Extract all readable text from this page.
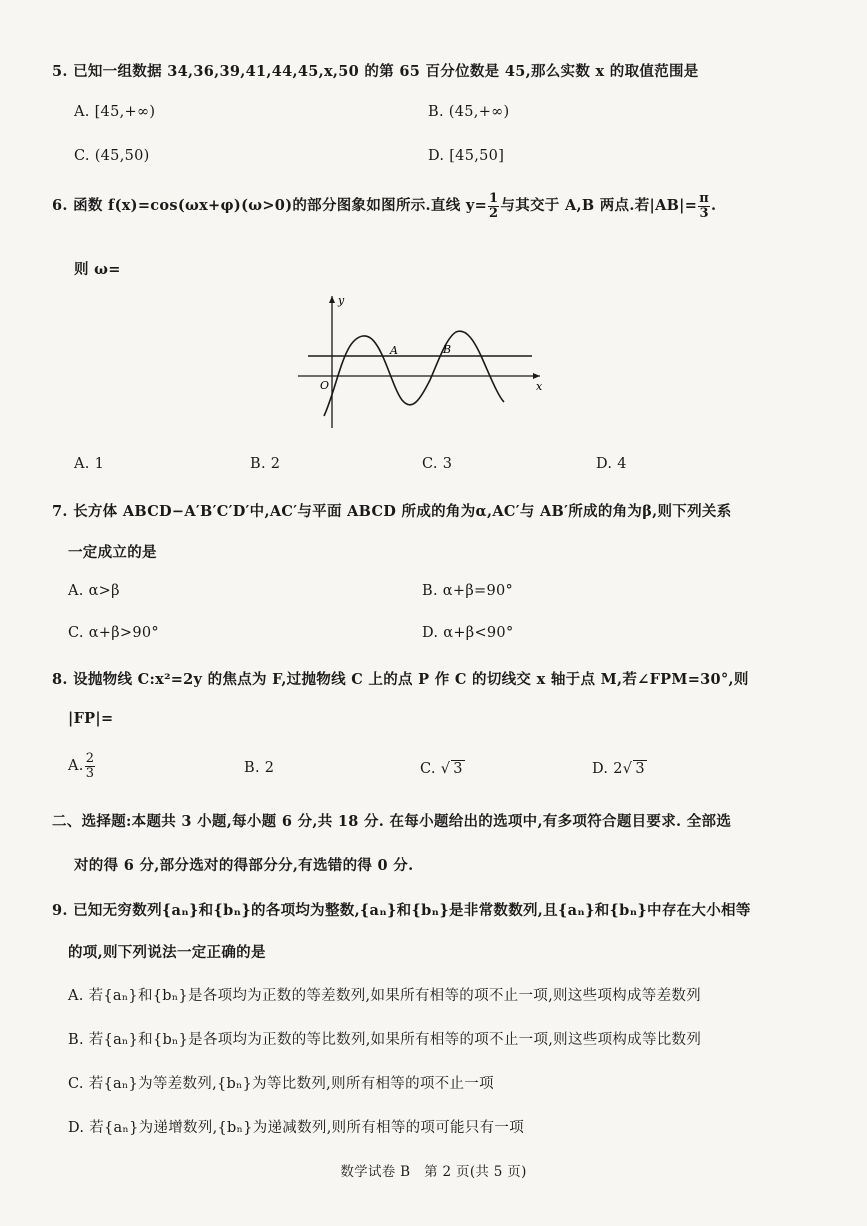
5. 已知一组数据 34,36,39,41,44,45,x,50 的第 65 百分位数是 45,那么实数 x 的取值范围是
A. [45,+∞)	B. (45,+∞)
C. (45,50)	D. [45,50]
6. 函数 f(x)=cos(ωx+φ)(ω>0)的部分图象如图所示.直线 $y= \frac{1}{2}$ 与其交于 A,B 两点.若$|AB|= \frac{\pi}{3}$ .
则 ω=
y
x
O
A	B
A. 1	B. 2	C. 3	D. 4
7. 长方体 ABCD−A′B′C′D′中,AC′与平面 ABCD 所成的角为α,AC′与 AB′所成的角为β,则下列关系
一定成立的是
A. α>β	B. α+β=90°
C. α+β>90°	D. α+β<90°
8. 设抛物线 C:x²=2y 的焦点为 F,过抛物线 C 上的点 P 作 C 的切线交 x 轴于点 M,若∠FPM=30°,则
|FP|=
A. $\frac{2}{3}$	B. 2	C. √ 3	D. 2√ 3
二、选择题:本题共 3 小题,每小题 6 分,共 18 分. 在每小题给出的选项中,有多项符合题目要求. 全部选
对的得 6 分,部分选对的得部分分,有选错的得 0 分.
9. 已知无穷数列{aₙ}和{bₙ}的各项均为整数,{aₙ}和{bₙ}是非常数数列,且{aₙ}和{bₙ}中存在大小相等
的项,则下列说法一定正确的是
A. 若{aₙ}和{bₙ}是各项均为正数的等差数列,如果所有相等的项不止一项,则这些项构成等差数列
B. 若{aₙ}和{bₙ}是各项均为正数的等比数列,如果所有相等的项不止一项,则这些项构成等比数列
C. 若{aₙ}为等差数列,{bₙ}为等比数列,则所有相等的项不止一项
D. 若{aₙ}为递增数列,{bₙ}为递减数列,则所有相等的项可能只有一项
数学试卷 B　第 2 页(共 5 页)
